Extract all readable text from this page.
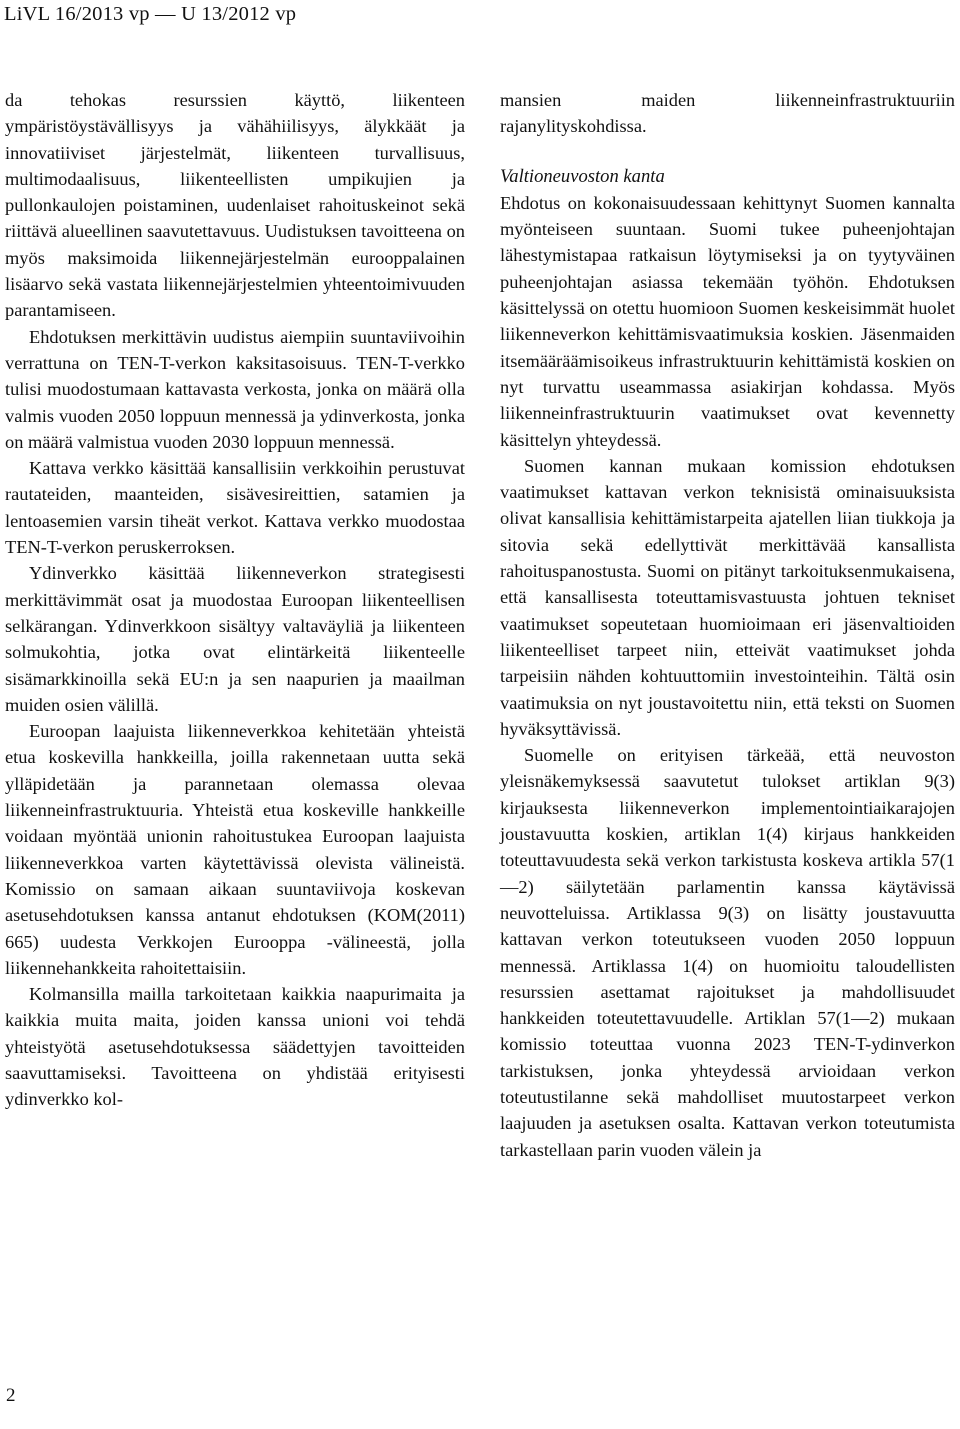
LiVL 16/2013 vp — U 13/2012 vp

da tehokas resurssien käyttö, liikenteen ympäristöystävällisyys ja vähähiilisyys, älykkäät ja innovatiiviset järjestelmät, liikenteen turvallisuus, multimodaalisuus, liikenteellisten umpikujien ja pullonkaulojen poistaminen, uudenlaiset rahoituskeinot sekä riittävä alueellinen saavutettavuus. Uudistuksen tavoitteena on myös maksimoida liikennejärjestelmän eurooppalainen lisäarvo sekä vastata liikennejärjestelmien yhteentoimivuuden parantamiseen.

Ehdotuksen merkittävin uudistus aiempiin suuntaviivoihin verrattuna on TEN-T-verkon kaksitasoisuus. TEN-T-verkko tulisi muodostumaan kattavasta verkosta, jonka on määrä olla valmis vuoden 2050 loppuun mennessä ja ydinverkosta, jonka on määrä valmistua vuoden 2030 loppuun mennessä.

Kattava verkko käsittää kansallisiin verkkoihin perustuvat rautateiden, maanteiden, sisävesireittien, satamien ja lentoasemien varsin tiheät verkot. Kattava verkko muodostaa TEN-T-verkon peruskerroksen.

Ydinverkko käsittää liikenneverkon strategisesti merkittävimmät osat ja muodostaa Euroopan liikenteellisen selkärangan. Ydinverkkoon sisältyy valtaväyliä ja liikenteen solmukohtia, jotka ovat elintärkeitä liikenteelle sisämarkkinoilla sekä EU:n ja sen naapurien ja maailman muiden osien välillä.

Euroopan laajuista liikenneverkkoa kehitetään yhteistä etua koskevilla hankkeilla, joilla rakennetaan uutta sekä ylläpidetään ja parannetaan olemassa olevaa liikenneinfrastruktuuria. Yhteistä etua koskeville hankkeille voidaan myöntää unionin rahoitustukea Euroopan laajuista liikenneverkkoa varten käytettävissä olevista välineistä. Komissio on samaan aikaan suuntaviivoja koskevan asetusehdotuksen kanssa antanut ehdotuksen (KOM(2011) 665) uudesta Verkkojen Eurooppa -välineestä, jolla liikennehankkeita rahoitettaisiin.

Kolmansilla mailla tarkoitetaan kaikkia naapurimaita ja kaikkia muita maita, joiden kanssa unioni voi tehdä yhteistyötä asetusehdotuksessa säädettyjen tavoitteiden saavuttamiseksi. Tavoitteena on yhdistää erityisesti ydinverkko kol-

mansien maiden liikenneinfrastruktuuriin rajanylityskohdissa.

Valtioneuvoston kanta

Ehdotus on kokonaisuudessaan kehittynyt Suomen kannalta myönteiseen suuntaan. Suomi tukee puheenjohtajan lähestymistapaa ratkaisun löytymiseksi ja on tyytyväinen puheenjohtajan asiassa tekemään työhön. Ehdotuksen käsittelyssä on otettu huomioon Suomen keskeisimmät huolet liikenneverkon kehittämisvaatimuksia koskien. Jäsenmaiden itsemääräämisoikeus infrastruktuurin kehittämistä koskien on nyt turvattu useammassa asiakirjan kohdassa. Myös liikenneinfrastruktuurin vaatimukset ovat kevennetty käsittelyn yhteydessä.

Suomen kannan mukaan komission ehdotuksen vaatimukset kattavan verkon teknisistä ominaisuuksista olivat kansallisia kehittämistarpeita ajatellen liian tiukkoja ja sitovia sekä edellyttivät merkittävää kansallista rahoituspanostusta. Suomi on pitänyt tarkoituksenmukaisena, että kansallisesta toteuttamisvastuusta johtuen tekniset vaatimukset sopeutetaan huomioimaan eri jäsenvaltioiden liikenteelliset tarpeet niin, etteivät vaatimukset johda tarpeisiin nähden kohtuuttomiin investointeihin. Tältä osin vaatimuksia on nyt joustavoitettu niin, että teksti on Suomen hyväksyttävissä.

Suomelle on erityisen tärkeää, että neuvoston yleisnäkemyksessä saavutetut tulokset artiklan 9(3) kirjauksesta liikenneverkon implementointiaikarajojen joustavuutta koskien, artiklan 1(4) kirjaus hankkeiden toteuttavuudesta sekä verkon tarkistusta koskeva artikla 57(1—2) säilytetään parlamentin kanssa käytävissä neuvotteluissa. Artiklassa 9(3) on lisätty joustavuutta kattavan verkon toteutukseen vuoden 2050 loppuun mennessä. Artiklassa 1(4) on huomioitu taloudellisten resurssien asettamat rajoitukset ja mahdollisuudet hankkeiden toteutettavuudelle. Artiklan 57(1—2) mukaan komissio toteuttaa vuonna 2023 TEN-T-ydinverkon tarkistuksen, jonka yhteydessä arvioidaan verkon toteutustilanne sekä mahdolliset muutostarpeet verkon laajuuden ja asetuksen osalta. Kattavan verkon toteutumista tarkastellaan parin vuoden välein ja

2
